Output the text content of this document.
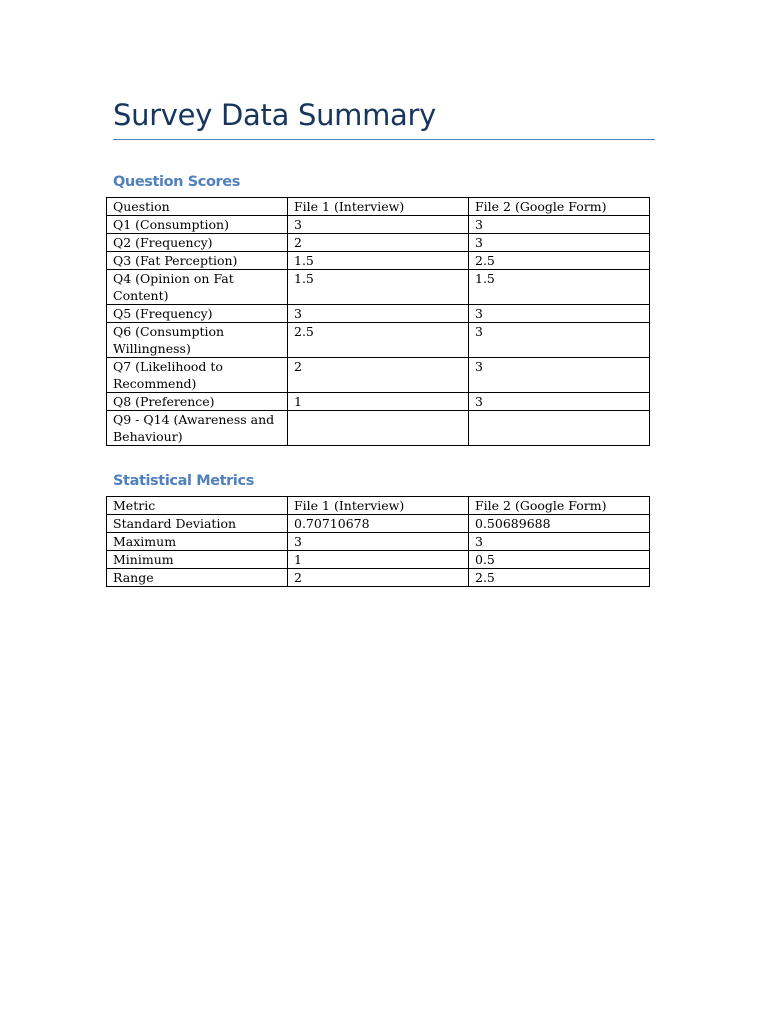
Survey Data Summary
Question Scores
Question	File 1 (Interview)	File 2 (Google Form)
Q1 (Consumption)	3	3
Q2 (Frequency)	2	3
Q3 (Fat Perception)	1.5	2.5
Q4 (Opinion on Fat Content)	1.5	1.5
Q5 (Frequency)	3	3
Q6 (Consumption Willingness)	2.5	3
Q7 (Likelihood to Recommend)	2	3
Q8 (Preference)	1	3
Q9 - Q14 (Awareness and Behaviour)		
Statistical Metrics
Metric	File 1 (Interview)	File 2 (Google Form)
Standard Deviation	0.70710678	0.50689688
Maximum	3	3
Minimum	1	0.5
Range	2	2.5
